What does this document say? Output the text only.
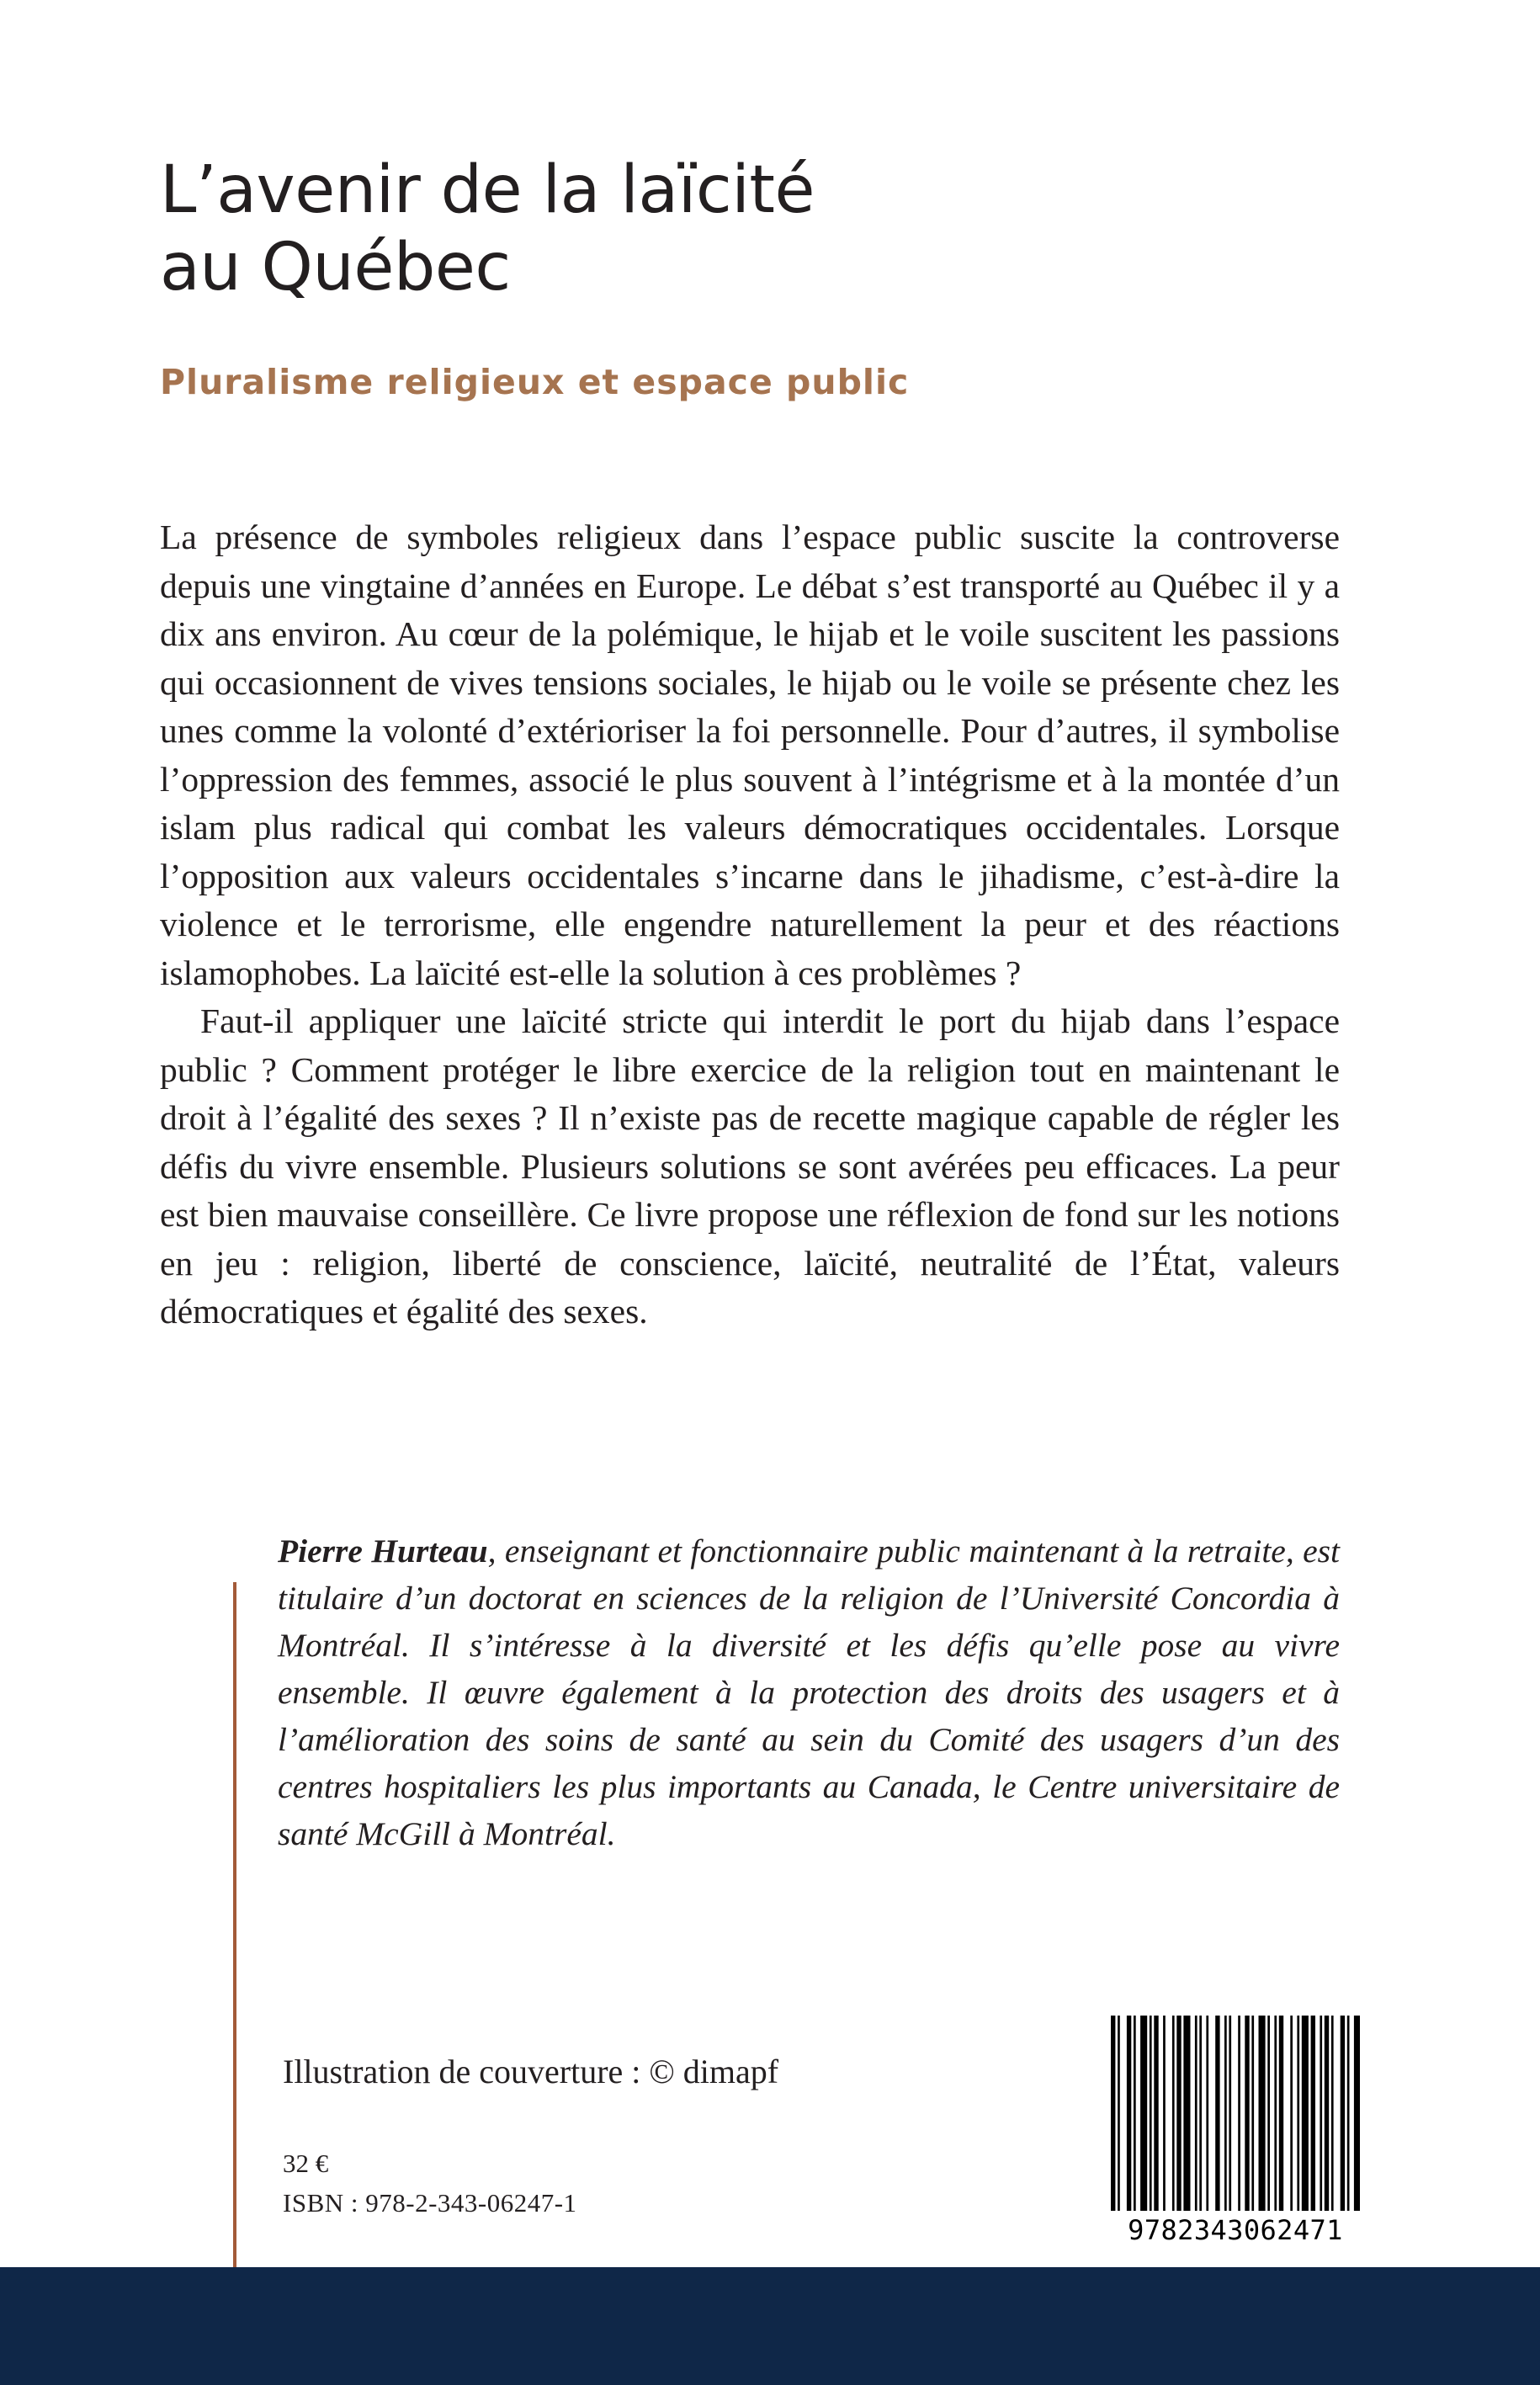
L’avenir de la laïcité
au Québec
Pluralisme religieux et espace public

La présence de symboles religieux dans l’espace public suscite la controverse depuis une vingtaine d’années en Europe. Le débat s’est transporté au Québec il y a dix ans environ. Au cœur de la polémique, le hijab et le voile suscitent les passions qui occasionnent de vives tensions sociales, le hijab ou le voile se présente chez les unes comme la volonté d’extérioriser la foi personnelle. Pour d’autres, il symbolise l’oppression des femmes, associé le plus souvent à l’intégrisme et à la montée d’un islam plus radical qui combat les valeurs démocratiques occidentales. Lorsque l’opposition aux valeurs occidentales s’incarne dans le jihadisme, c’est-à-dire la violence et le terrorisme, elle engendre naturellement la peur et des réactions islamophobes. La laïcité est-elle la solution à ces problèmes ?

Faut-il appliquer une laïcité stricte qui interdit le port du hijab dans l’espace public ? Comment protéger le libre exercice de la religion tout en maintenant le droit à l’égalité des sexes ? Il n’existe pas de recette magique capable de régler les défis du vivre ensemble. Plusieurs solutions se sont avérées peu efficaces. La peur est bien mauvaise conseillère. Ce livre propose une réflexion de fond sur les notions en jeu : religion, liberté de conscience, laïcité, neutralité de l’État, valeurs démocratiques et égalité des sexes.

Pierre Hurteau, enseignant et fonctionnaire public maintenant à la retraite, est titulaire d’un doctorat en sciences de la religion de l’Université Concordia à Montréal. Il s’intéresse à la diversité et les défis qu’elle pose au vivre ensemble. Il œuvre également à la protection des droits des usagers et à l’amélioration des soins de santé au sein du Comité des usagers d’un des centres hospitaliers les plus importants au Canada, le Centre universitaire de santé McGill à Montréal.

Illustration de couverture : © dimapf

32 €

ISBN : 978-2-343-06247-1

9782343062471
